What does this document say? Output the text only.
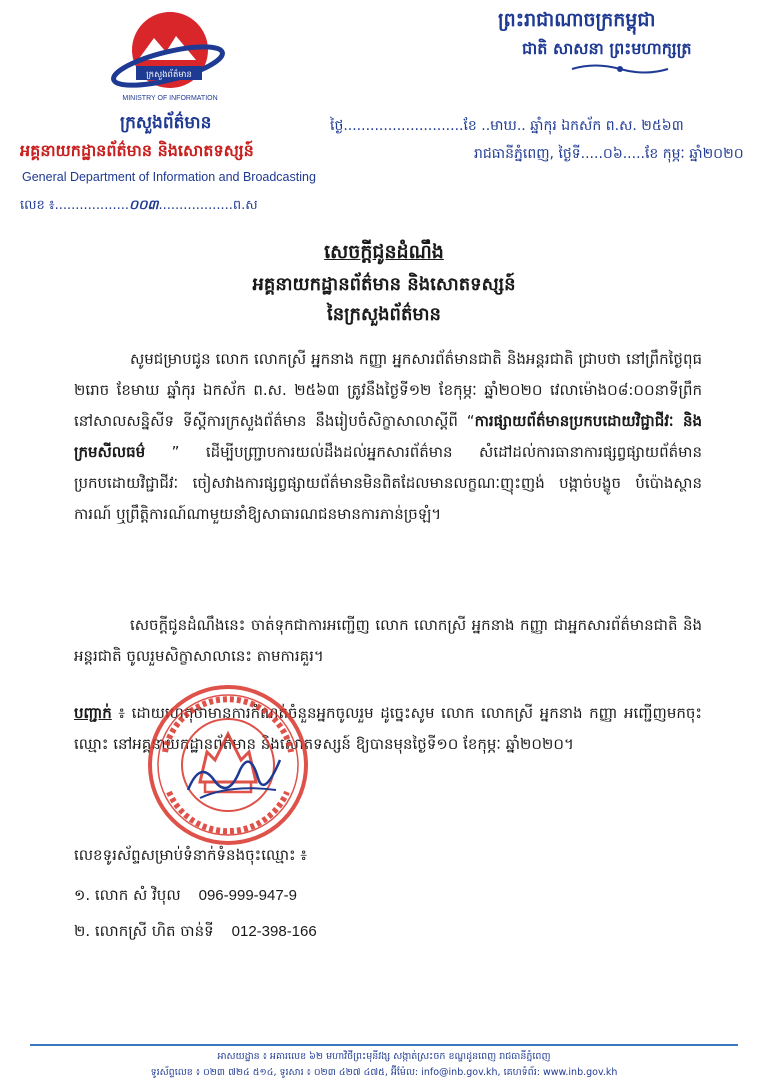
ក្រសួងព័ត៌មាន
MINISTRY OF INFORMATION
ក្រសួងព័ត៌មាន
អគ្គនាយកដ្ឋានព័ត៌មាន និងសោតទស្សន៍
General Department of Information and Broadcasting
លេខ ៖..................០០៣..................ព.ស
ព្រះរាជាណាចក្រកម្ពុជា
ជាតិ សាសនា ព្រះមហាក្សត្រ
ថ្ងៃ...........................ខែ ..មាឃ.. ឆ្នាំកុរ ឯកស័ក ព.ស. ២៥៦៣
រាជធានីភ្នំពេញ, ថ្ងៃទី.....០៦.....ខែ កុម្ភៈ ឆ្នាំ២០២០
សេចក្ដីជូនដំណឹង
អគ្គនាយកដ្ឋានព័ត៌មាន និងសោតទស្សន៍
នៃក្រសួងព័ត៌មាន
សូមជម្រាបជូន លោក លោកស្រី អ្នកនាង កញ្ញា អ្នកសារព័ត៌មានជាតិ និងអន្តរជាតិ ជ្រាបថា នៅព្រឹកថ្ងៃពុធ ២រោច ខែមាឃ ឆ្នាំកុរ ឯកស័ក ព.ស. ២៥៦៣ ត្រូវនឹងថ្ងៃទី១២ ខែកុម្ភៈ ឆ្នាំ២០២០ វេលាម៉ោង០៨:០០នាទីព្រឹក នៅសាលសន្និសីទ ទីស្ដីការក្រសួងព័ត៌មាន នឹងរៀបចំសិក្ខាសាលាស្ដីពី “ការផ្សាយព័ត៌មានប្រកបដោយវិជ្ជាជីវៈ និងក្រមសីលធម៌ ” ដើម្បីបញ្ជ្រាបការយល់ដឹងដល់អ្នកសារព័ត៌មាន សំដៅដល់ការធានាការផ្សព្វផ្សាយព័ត៌មានប្រកបដោយវិជ្ជាជីវៈ ចៀសវាងការផ្សព្វផ្សាយព័ត៌មានមិនពិតដែលមានលក្ខណៈញុះញង់ បង្កាច់បង្ខូច បំប៉ោងស្ថានការណ៍ ឬព្រឹត្តិការណ៍ណាមួយនាំឱ្យសាធារណជនមានការភាន់ច្រឡំ។
សេចក្ដីជូនដំណឹងនេះ ចាត់ទុកជាការអញ្ជើញ លោក លោកស្រី អ្នកនាង កញ្ញា ជាអ្នកសារព័ត៌មានជាតិ និងអន្តរជាតិ ចូលរួមសិក្ខាសាលានេះ តាមការគួរ។
បញ្ជាក់ ៖ ដោយហេតុថាមានការកំណត់ចំនួនអ្នកចូលរួម ដូច្នេះសូម លោក លោកស្រី អ្នកនាង កញ្ញា អញ្ជើញមកចុះឈ្មោះ នៅអគ្គនាយកដ្ឋានព័ត៌មាន និងសោតទស្សន៍ ឱ្យបានមុនថ្ងៃទី១០ ខែកុម្ភៈ ឆ្នាំ២០២០។
លេខទូរស័ព្ទសម្រាប់ទំនាក់ទំនងចុះឈ្មោះ ៖
១. លោក សំ វិបុល 096-999-947-9
២. លោកស្រី ហិត ចាន់ទី 012-398-166
អាសយដ្ឋាន ៖ អគារលេខ ៦២ មហាវិថីព្រះមុនីវង្ស សង្កាត់ស្រះចក ខណ្ឌដូនពេញ រាជធានីភ្នំពេញ
ទូរស័ព្ទលេខ ៖ ០២៣ ៧២៤ ៥១៤, ទូរសារ ៖ ០២៣ ៤២៧ ៤៧៥, អ៊ីម៉ែល: info@inb.gov.kh, គេហទំព័រ: www.inb.gov.kh
